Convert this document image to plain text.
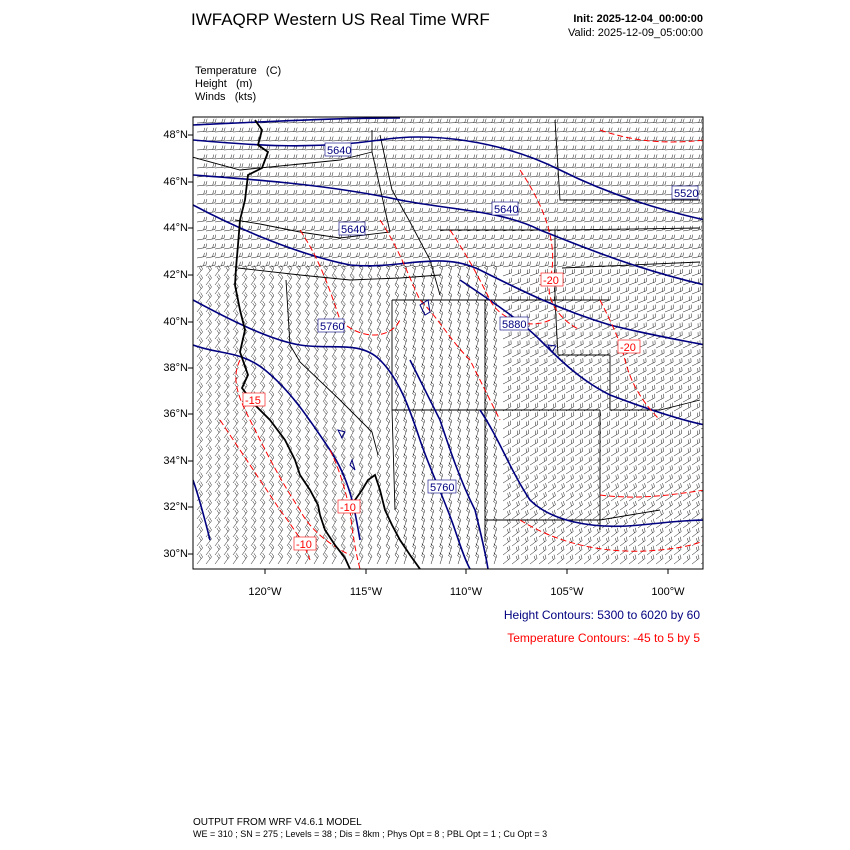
IWFAQRP Western US Real Time WRF	Init: 2025-12-04_00:00:00
Valid: 2025-12-09_05:00:00
Temperature   (C)
Height   (m)
Winds   (kts)
5640
5640
5520
5640
5760	5880
5760
-20
-20
-15
-10
-10
48°N
46°N
44°N
42°N
40°N
38°N
36°N
34°N
32°N
30°N
120°W	115°W	110°W	105°W	100°W
Height Contours: 5300 to 6020 by 60
Temperature Contours: -45 to 5 by 5
OUTPUT FROM WRF V4.6.1 MODEL
WE = 310 ; SN = 275 ; Levels = 38 ; Dis = 8km ; Phys Opt = 8 ; PBL Opt = 1 ; Cu Opt = 3
